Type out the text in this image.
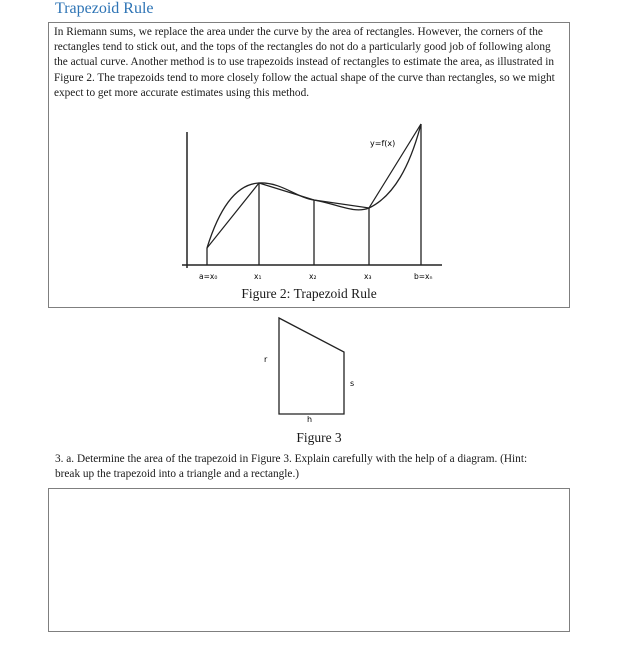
Trapezoid Rule
In Riemann sums, we replace the area under the curve by the area of rectangles. However, the corners of the rectangles tend to stick out, and the tops of the rectangles do not do a particularly good job of following along the actual curve. Another method is to use trapezoids instead of rectangles to estimate the area, as illustrated in Figure 2. The trapezoids tend to more closely follow the actual shape of the curve than rectangles, so we might expect to get more accurate estimates using this method.
y=f(x)
a=x₀	x₁	x₂	x₃	b=xₙ
Figure 2: Trapezoid Rule
r
s
h
Figure 3
3. a. Determine the area of the trapezoid in Figure 3. Explain carefully with the help of a diagram. (Hint: break up the trapezoid into a triangle and a rectangle.)
